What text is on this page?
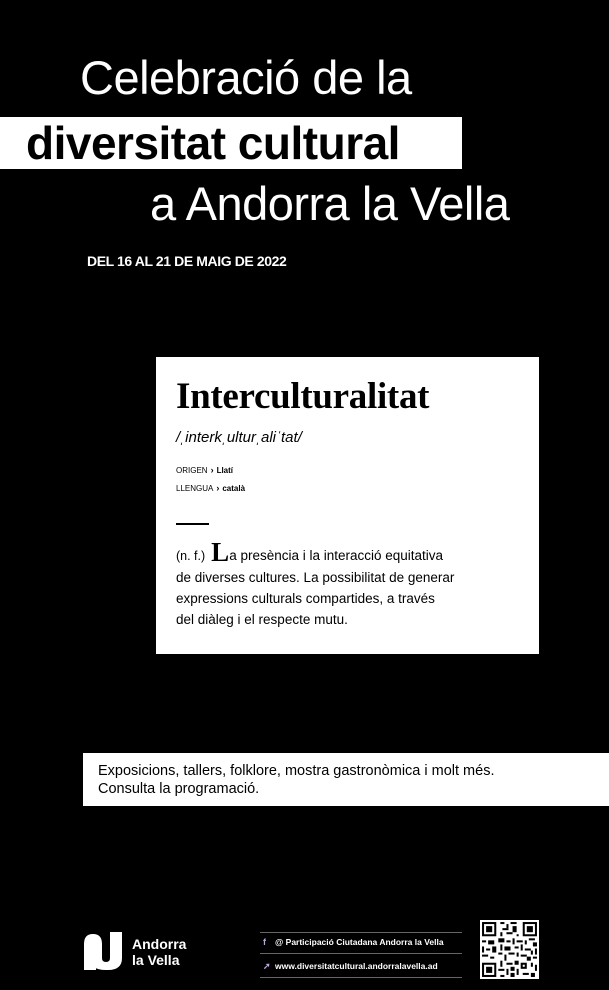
Celebració de la
diversitat cultural
a Andorra la Vella
DEL 16 AL 21 DE MAIG DE 2022
Interculturalitat
/ˌinterkˌulturˌaliˈtat/
ORIGEN › Llatí
LLENGUA › català
(n. f.) La presència i la interacció equitativa
de diverses cultures. La possibilitat de generar
expressions culturals compartides, a través
del diàleg i el respecte mutu.
Exposicions, tallers, folklore, mostra gastronòmica i molt més.
Consulta la programació.
Andorra
la Vella
f @ Participació Ciutadana Andorra la Vella
➚ www.diversitatcultural.andorralavella.ad
